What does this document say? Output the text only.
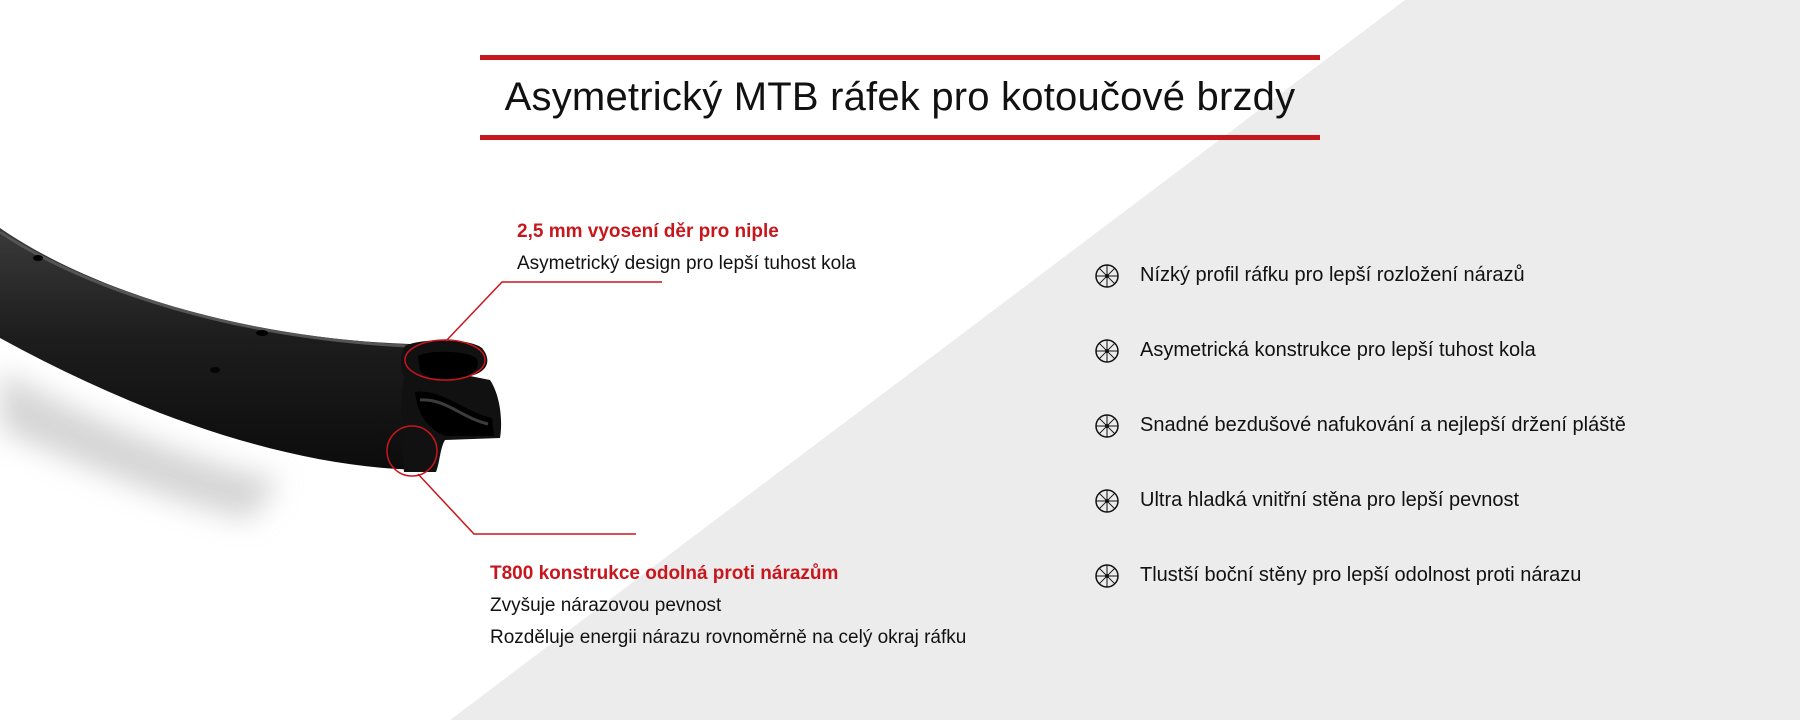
Asymetrický MTB ráfek pro kotoučové brzdy
2,5 mm vyosení děr pro niple
Asymetrický design pro lepší tuhost kola
T800 konstrukce odolná proti nárazům
Zvyšuje nárazovou pevnost
Rozděluje energii nárazu rovnoměrně na celý okraj ráfku
Nízký profil ráfku pro lepší rozložení nárazů
Asymetrická konstrukce pro lepší tuhost kola
Snadné bezdušové nafukování a nejlepší držení pláště
Ultra hladká vnitřní stěna pro lepší pevnost
Tlustší boční stěny pro lepší odolnost proti nárazu
